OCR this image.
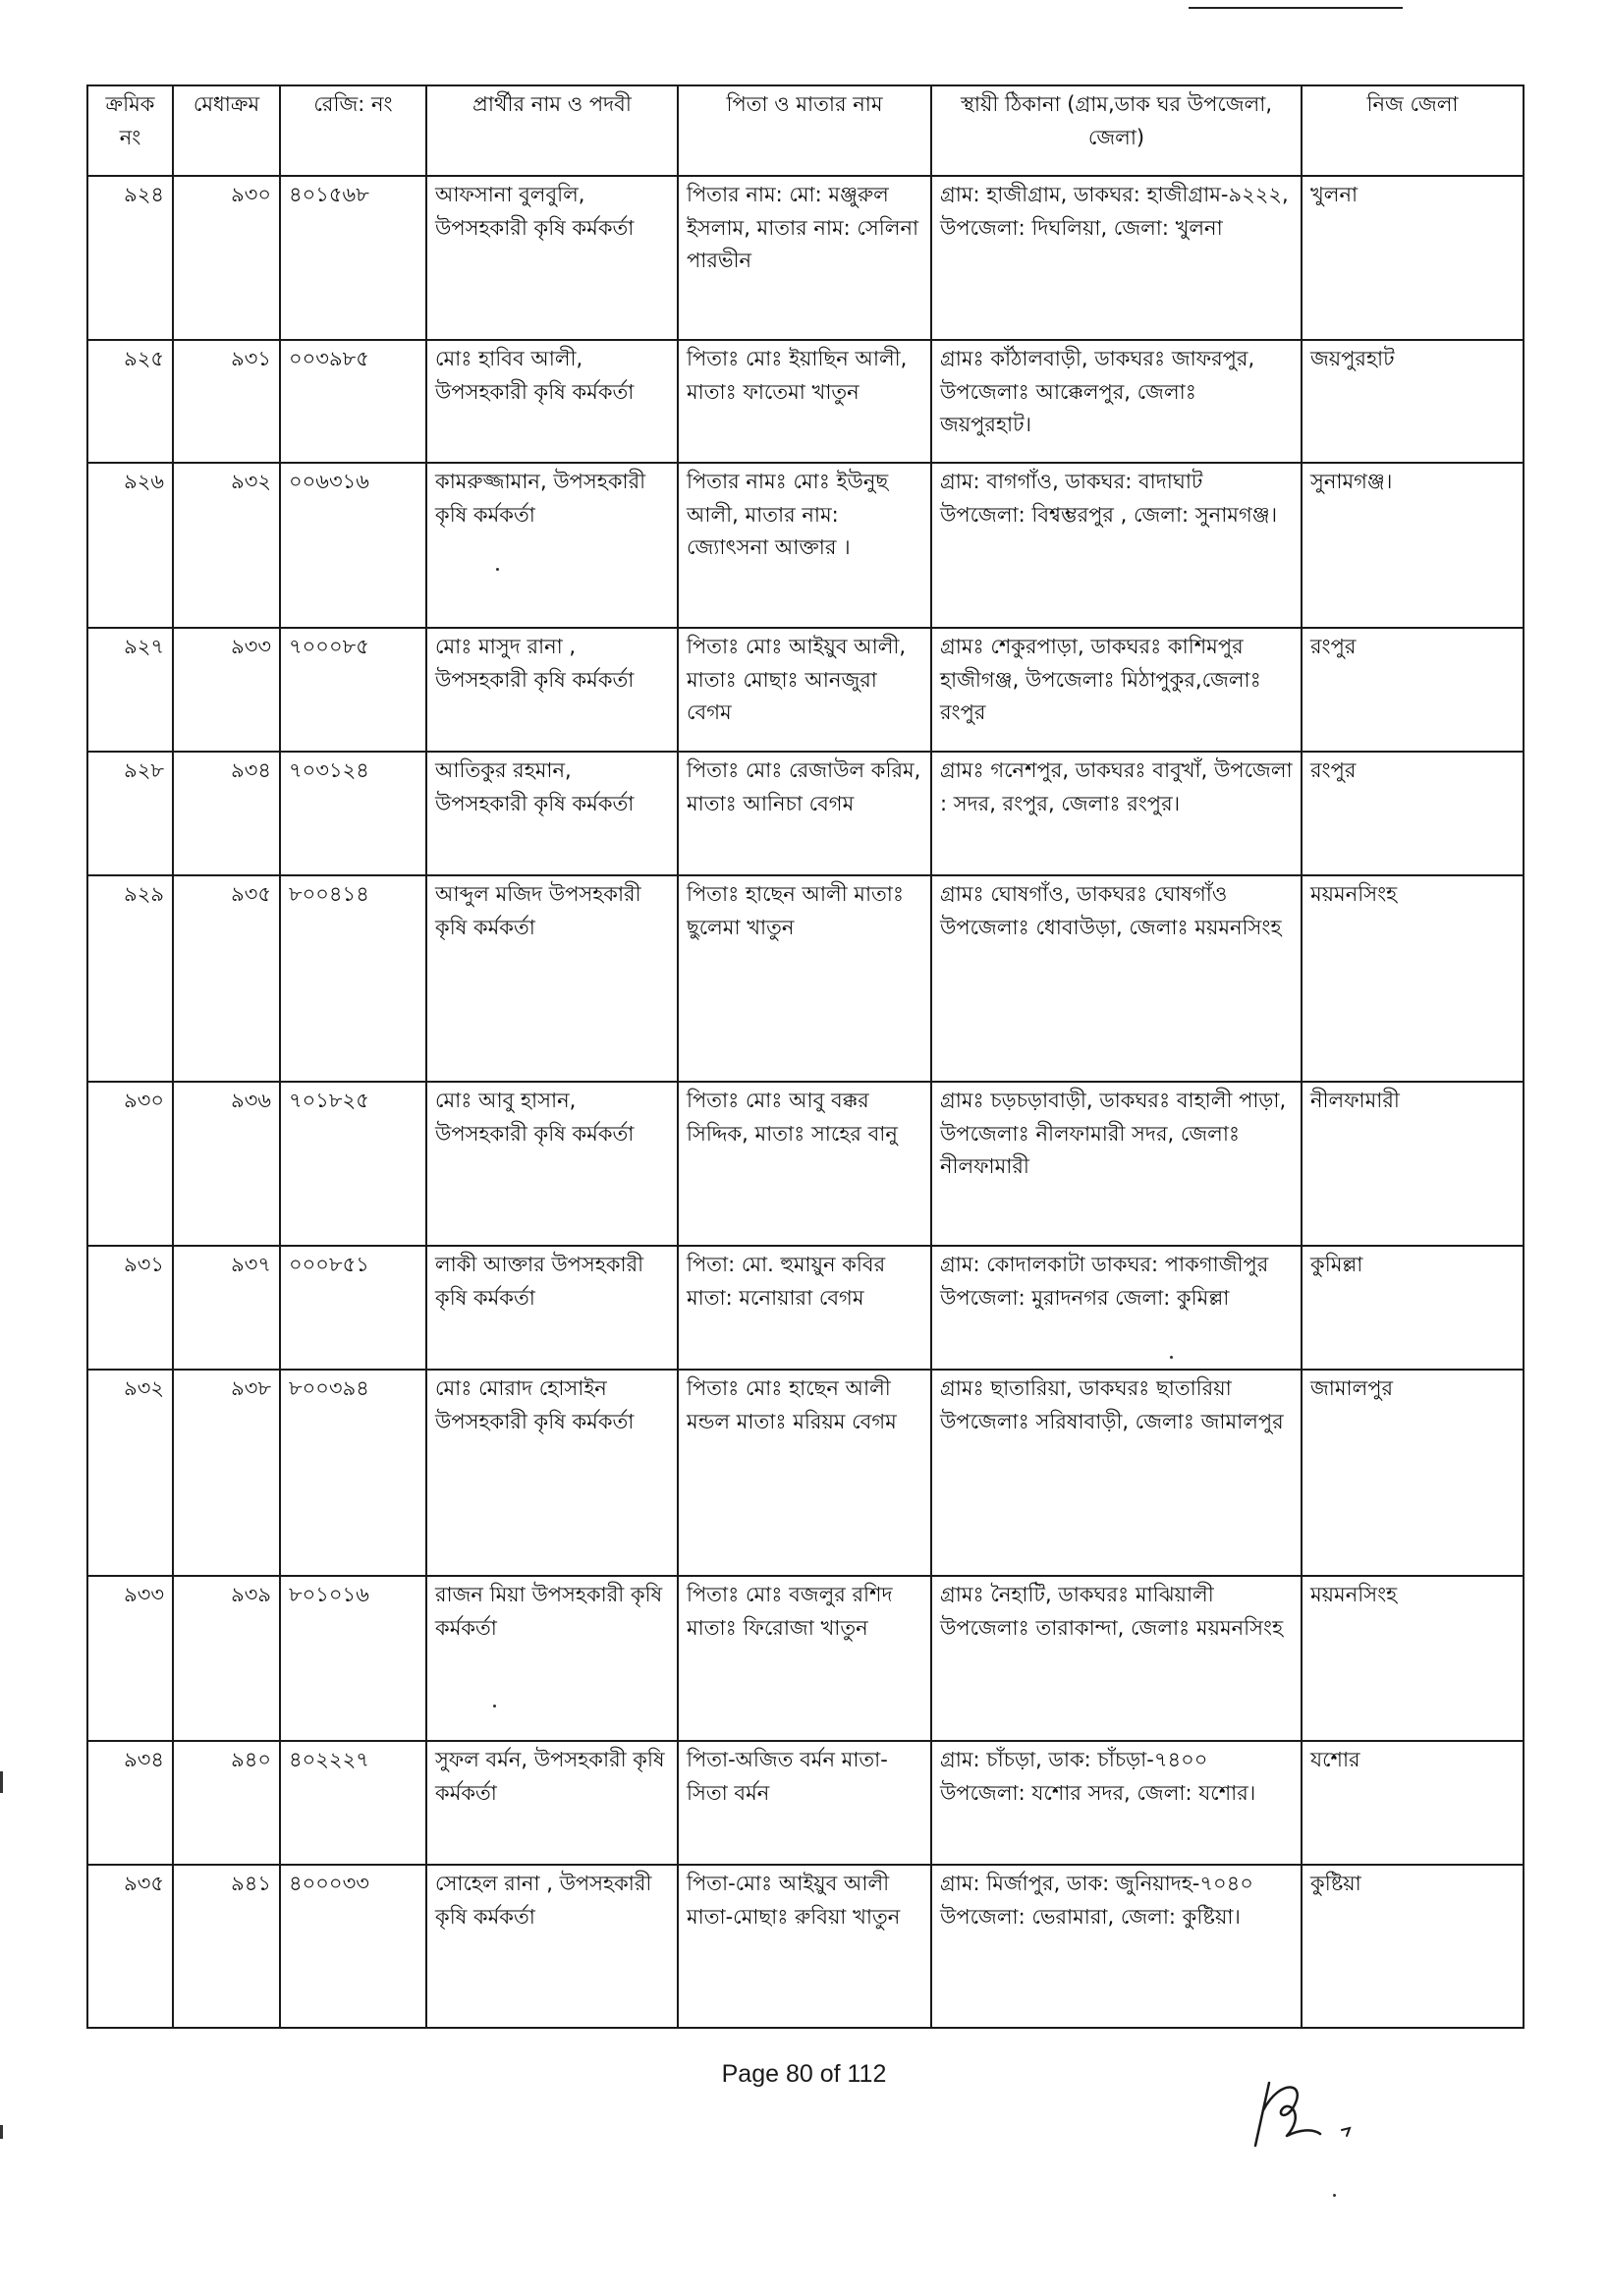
ক্রমিক নং	মেধাক্রম	রেজি: নং	প্রার্থীর নাম ও পদবী	পিতা ও মাতার নাম	স্থায়ী ঠিকানা (গ্রাম,ডাক ঘর উপজেলা, জেলা)	নিজ জেলা
৯২৪	৯৩০	৪০১৫৬৮	আফসানা বুলবুলি, উপসহকারী কৃষি কর্মকর্তা	পিতার নাম: মো: মঞ্জুরুল ইসলাম, মাতার নাম: সেলিনা পারভীন	গ্রাম: হাজীগ্রাম, ডাকঘর: হাজীগ্রাম-৯২২২, উপজেলা: দিঘলিয়া, জেলা: খুলনা	খুলনা
৯২৫	৯৩১	০০৩৯৮৫	মোঃ হাবিব আলী, উপসহকারী কৃষি কর্মকর্তা	পিতাঃ মোঃ ইয়াছিন আলী, মাতাঃ ফাতেমা খাতুন	গ্রামঃ কাঁঠালবাড়ী, ডাকঘরঃ জাফরপুর, উপজেলাঃ আক্কেলপুর, জেলাঃ জয়পুরহাট।	জয়পুরহাট
৯২৬	৯৩২	০০৬৩১৬	কামরুজ্জামান, উপসহকারী কৃষি কর্মকর্তা	পিতার নামঃ মোঃ ইউনুছ আলী, মাতার নাম: জ্যোৎসনা আক্তার ।	গ্রাম: বাগগাঁও, ডাকঘর: বাদাঘাট উপজেলা: বিশ্বম্ভরপুর , জেলা: সুনামগঞ্জ।	সুনামগঞ্জ।
৯২৭	৯৩৩	৭০০০৮৫	মোঃ মাসুদ রানা , উপসহকারী কৃষি কর্মকর্তা	পিতাঃ মোঃ আইয়ুব আলী, মাতাঃ মোছাঃ আনজুরা বেগম	গ্রামঃ শেকুরপাড়া, ডাকঘরঃ কাশিমপুর হাজীগঞ্জ, উপজেলাঃ মিঠাপুকুর,জেলাঃ রংপুর	রংপুর
৯২৮	৯৩৪	৭০৩১২৪	আতিকুর রহমান, উপসহকারী কৃষি কর্মকর্তা	পিতাঃ মোঃ রেজাউল করিম, মাতাঃ আনিচা বেগম	গ্রামঃ গনেশপুর, ডাকঘরঃ বাবুখাঁ, উপজেলা : সদর, রংপুর, জেলাঃ রংপুর।	রংপুর
৯২৯	৯৩৫	৮০০৪১৪	আব্দুল মজিদ উপসহকারী কৃষি কর্মকর্তা	পিতাঃ হাছেন আলী মাতাঃ ছুলেমা খাতুন	গ্রামঃ ঘোষগাঁও, ডাকঘরঃ ঘোষগাঁও উপজেলাঃ ধোবাউড়া, জেলাঃ ময়মনসিংহ	ময়মনসিংহ
৯৩০	৯৩৬	৭০১৮২৫	মোঃ আবু হাসান, উপসহকারী কৃষি কর্মকর্তা	পিতাঃ মোঃ আবু বক্কর সিদ্দিক, মাতাঃ সাহের বানু	গ্রামঃ চড়চড়াবাড়ী, ডাকঘরঃ বাহালী পাড়া, উপজেলাঃ নীলফামারী সদর, জেলাঃ নীলফামারী	নীলফামারী
৯৩১	৯৩৭	০০০৮৫১	লাকী আক্তার উপসহকারী কৃষি কর্মকর্তা	পিতা: মো. হুমায়ুন কবির মাতা: মনোয়ারা বেগম	গ্রাম: কোদালকাটা ডাকঘর: পাকগাজীপুর উপজেলা: মুরাদনগর জেলা: কুমিল্লা	কুমিল্লা
৯৩২	৯৩৮	৮০০৩৯৪	মোঃ মোরাদ হোসাইন উপসহকারী কৃষি কর্মকর্তা	পিতাঃ মোঃ হাছেন আলী মন্ডল মাতাঃ মরিয়ম বেগম	গ্রামঃ ছাতারিয়া, ডাকঘরঃ ছাতারিয়া উপজেলাঃ সরিষাবাড়ী, জেলাঃ জামালপুর	জামালপুর
৯৩৩	৯৩৯	৮০১০১৬	রাজন মিয়া উপসহকারী কৃষি কর্মকর্তা	পিতাঃ মোঃ বজলুর রশিদ মাতাঃ ফিরোজা খাতুন	গ্রামঃ নৈহাটি, ডাকঘরঃ মাঝিয়ালী উপজেলাঃ তারাকান্দা, জেলাঃ ময়মনসিংহ	ময়মনসিংহ
৯৩৪	৯৪০	৪০২২২৭	সুফল বর্মন, উপসহকারী কৃষি কর্মকর্তা	পিতা-অজিত বর্মন মাতা-সিতা বর্মন	গ্রাম: চাঁচড়া, ডাক: চাঁচড়া-৭৪০০ উপজেলা: যশোর সদর, জেলা: যশোর।	যশোর
৯৩৫	৯৪১	৪০০০৩৩	সোহেল রানা , উপসহকারী কৃষি কর্মকর্তা	পিতা-মোঃ আইয়ুব আলী মাতা-মোছাঃ রুবিয়া খাতুন	গ্রাম: মির্জাপুর, ডাক: জুনিয়াদহ-৭০৪০ উপজেলা: ভেরামারা, জেলা: কুষ্টিয়া।	কুষ্টিয়া
Page 80 of 112
